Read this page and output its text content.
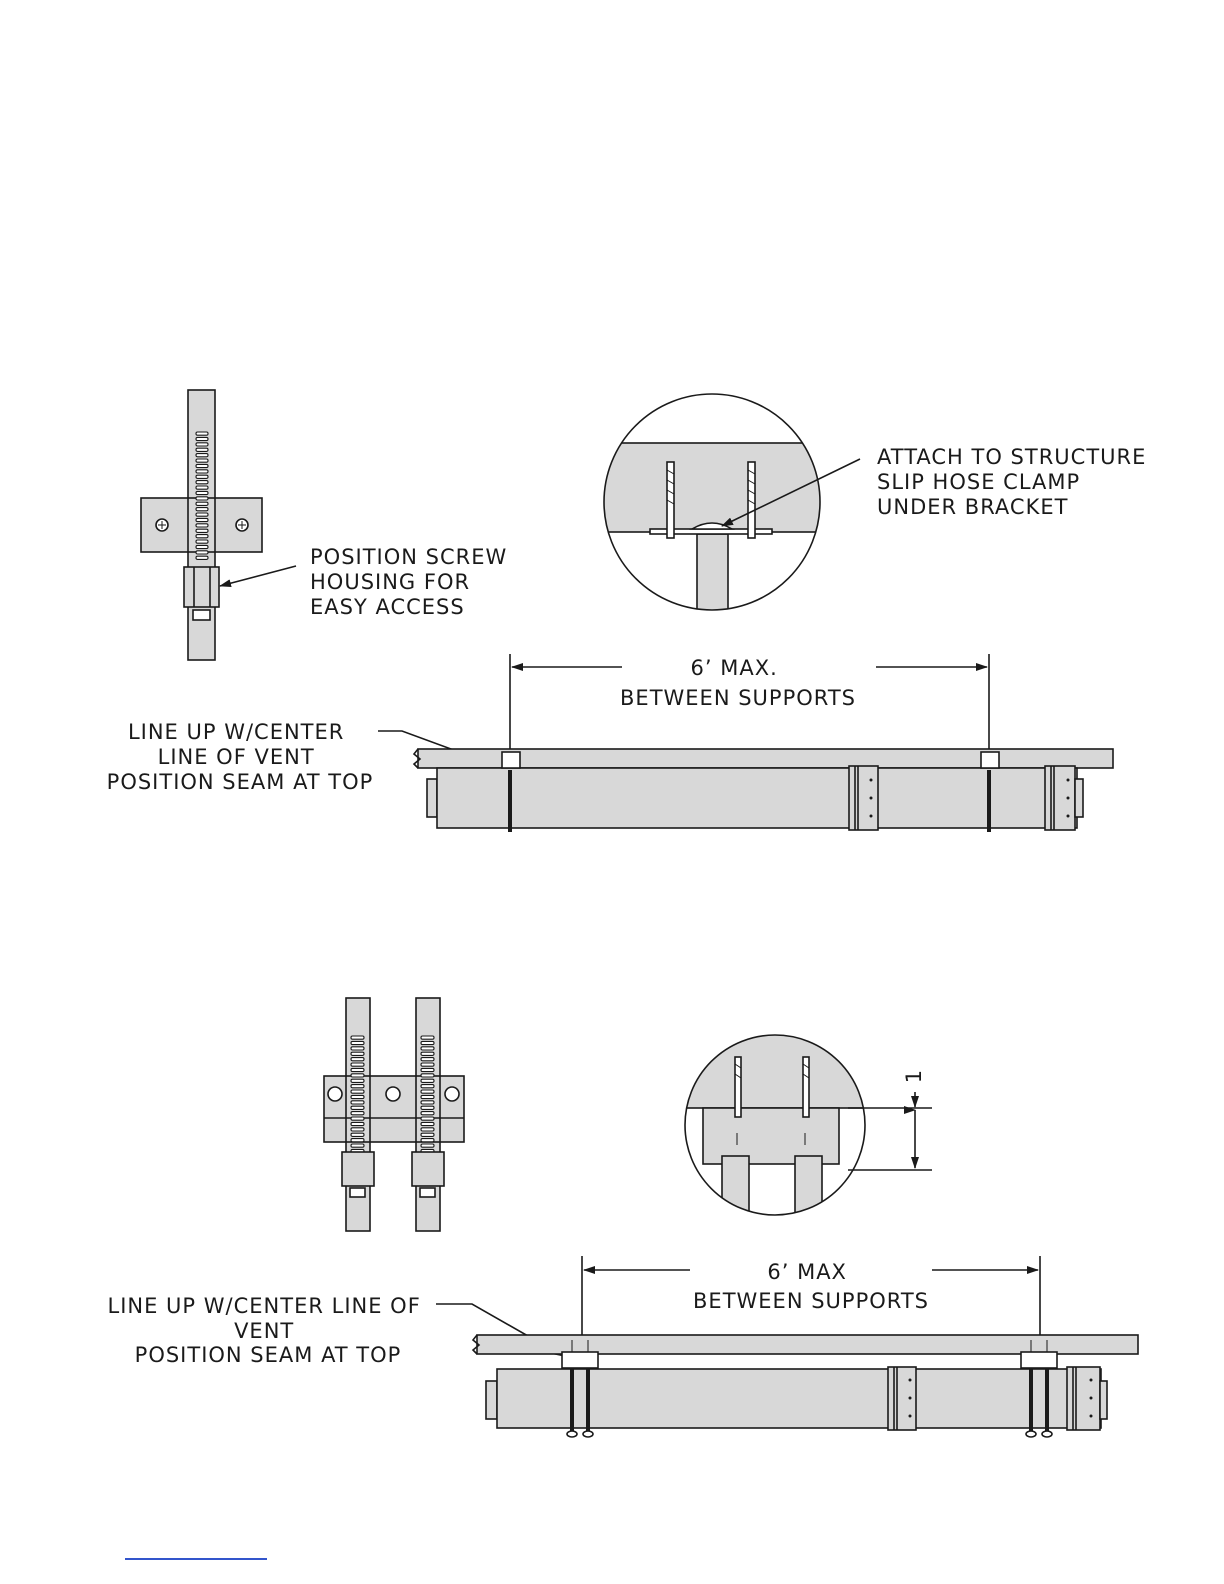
POSITION SCREW HOUSING FOR EASY ACCESS
ATTACH TO STRUCTURE SLIP HOSE CLAMP UNDER BRACKET
6’ MAX. BETWEEN SUPPORTS
LINE UP W/CENTER LINE OF VENT POSITION SEAM AT TOP
1
6’ MAX BETWEEN SUPPORTS
LINE UP W/CENTER LINE OF VENT POSITION SEAM AT TOP
